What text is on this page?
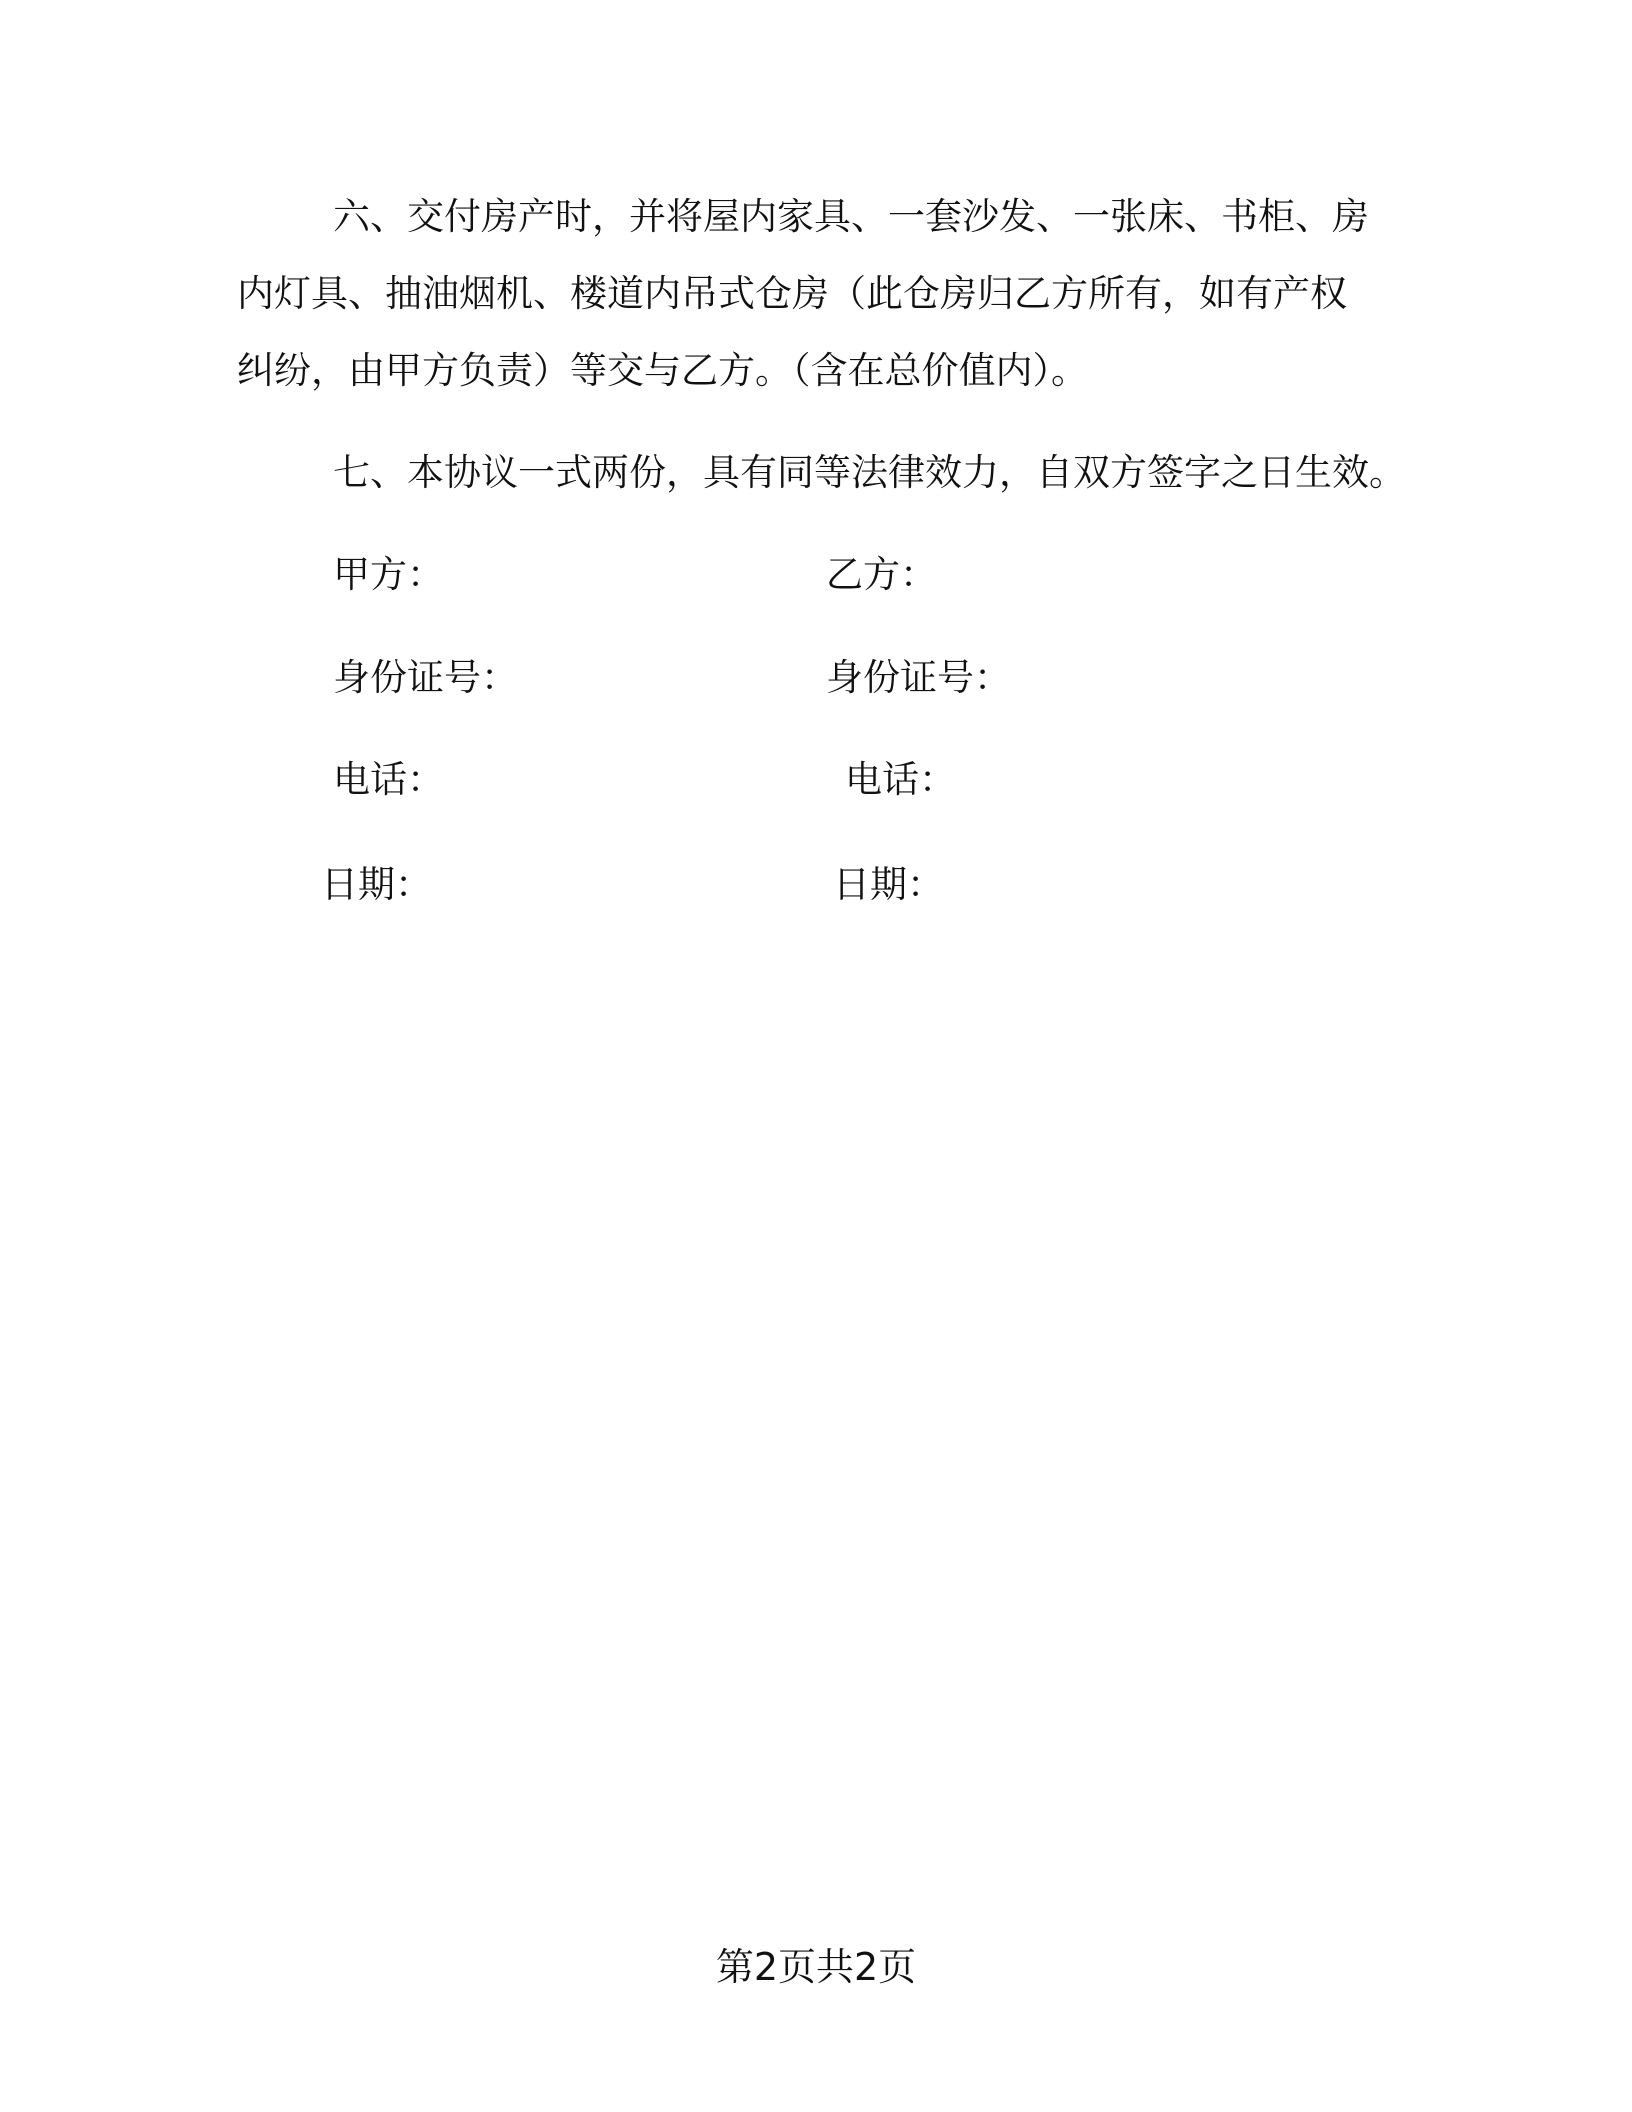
六、交付房产时，并将屋内家具、一套沙发、一张床、书柜、房
内灯具、抽油烟机、楼道内吊式仓房（此仓房归乙方所有，如有产权
纠纷，由甲方负责）等交与乙方。（含在总价值内）。
七、本协议一式两份，具有同等法律效力，自双方签字之日生效。
甲方：	乙方：
身份证号：	身份证号：
电话：	电话：
日期：	日期：
第2页共2页
